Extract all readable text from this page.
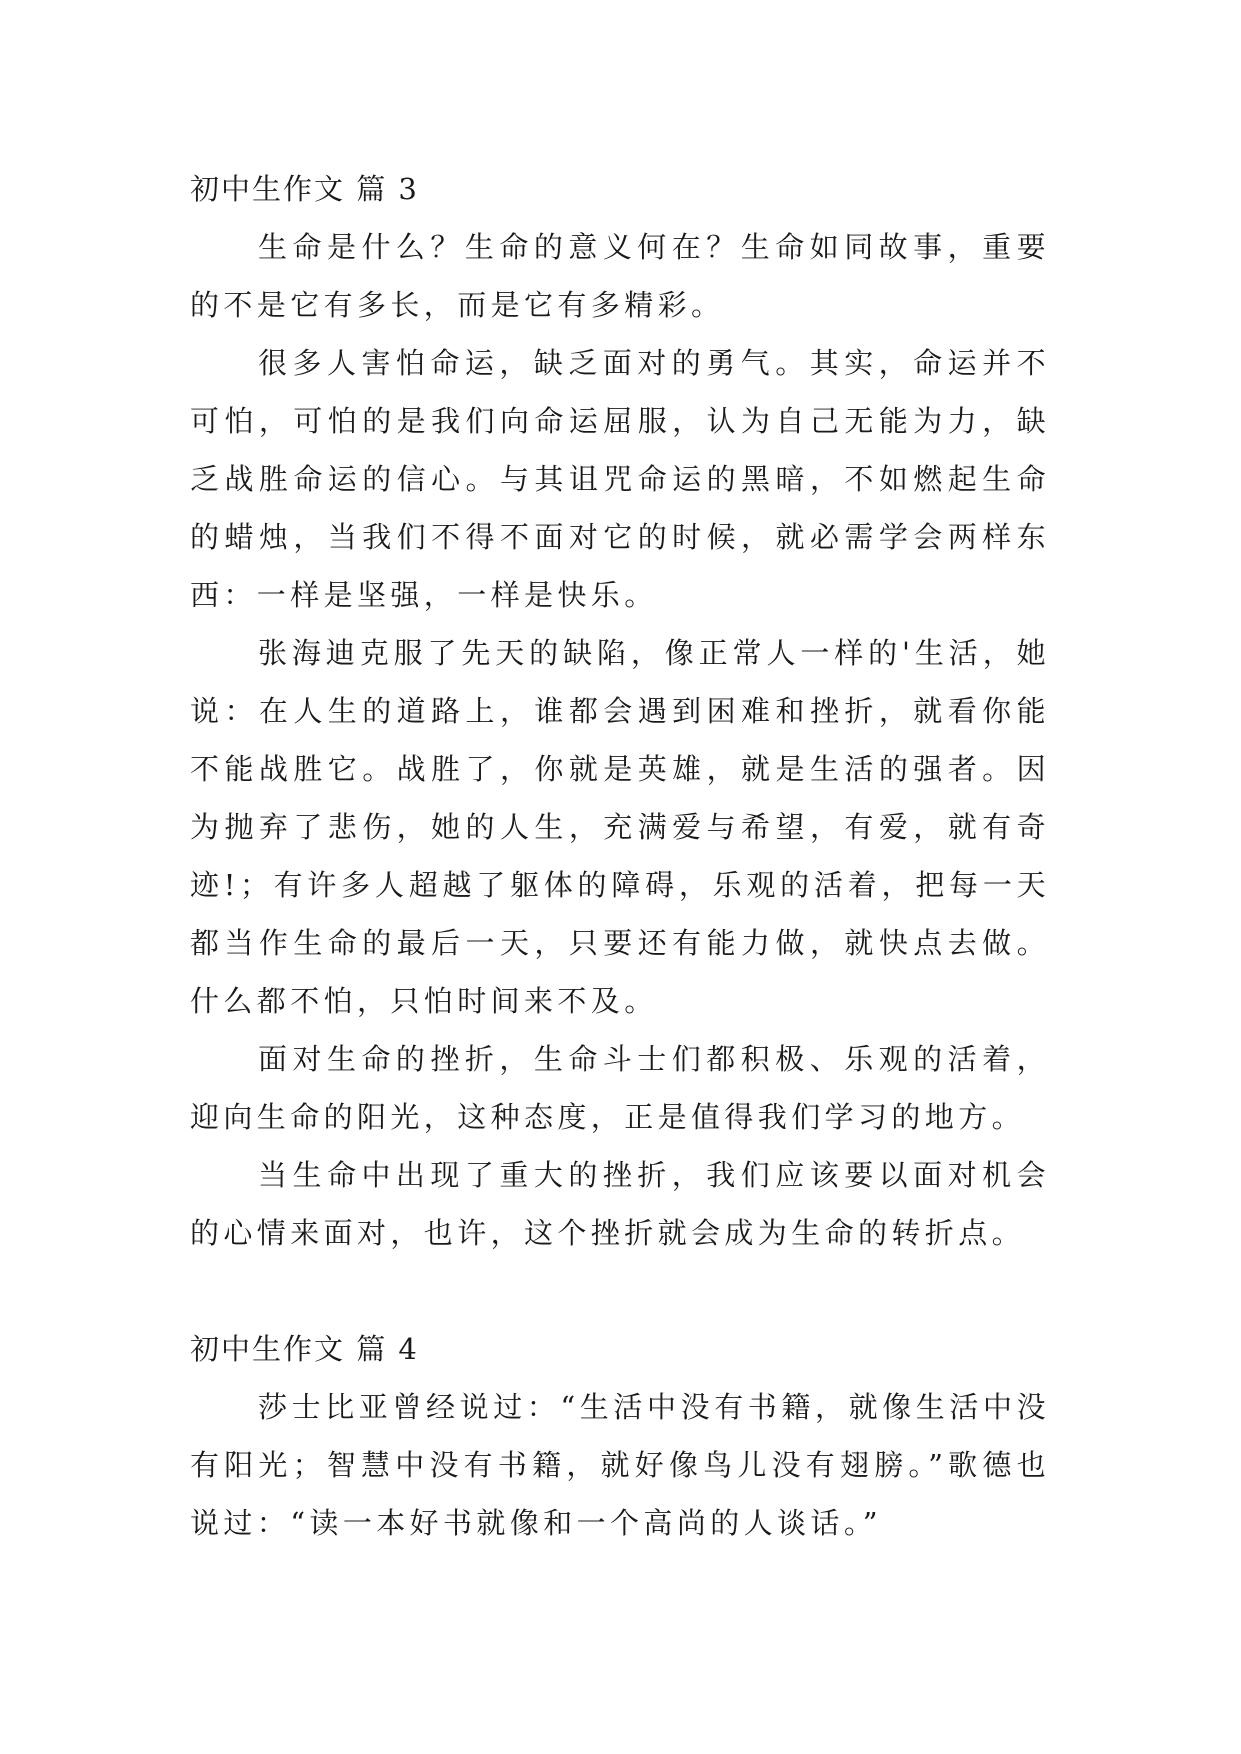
初中生作文 篇 3

生命是什么？生命的意义何在？生命如同故事，重要的不是它有多长，而是它有多精彩。

很多人害怕命运，缺乏面对的勇气。其实，命运并不可怕，可怕的是我们向命运屈服，认为自己无能为力，缺乏战胜命运的信心。与其诅咒命运的黑暗，不如燃起生命的蜡烛，当我们不得不面对它的时候，就必需学会两样东西：一样是坚强，一样是快乐。

张海迪克服了先天的缺陷，像正常人一样的'生活，她说：在人生的道路上，谁都会遇到困难和挫折，就看你能不能战胜它。战胜了，你就是英雄，就是生活的强者。因为抛弃了悲伤，她的人生，充满爱与希望，有爱，就有奇迹!；有许多人超越了躯体的障碍，乐观的活着，把每一天都当作生命的最后一天，只要还有能力做，就快点去做。什么都不怕，只怕时间来不及。

面对生命的挫折，生命斗士们都积极、乐观的活着，迎向生命的阳光，这种态度，正是值得我们学习的地方。

当生命中出现了重大的挫折，我们应该要以面对机会的心情来面对，也许，这个挫折就会成为生命的转折点。

初中生作文 篇 4

莎士比亚曾经说过：“生活中没有书籍，就像生活中没有阳光；智慧中没有书籍，就好像鸟儿没有翅膀。”歌德也说过：“读一本好书就像和一个高尚的人谈话。”
